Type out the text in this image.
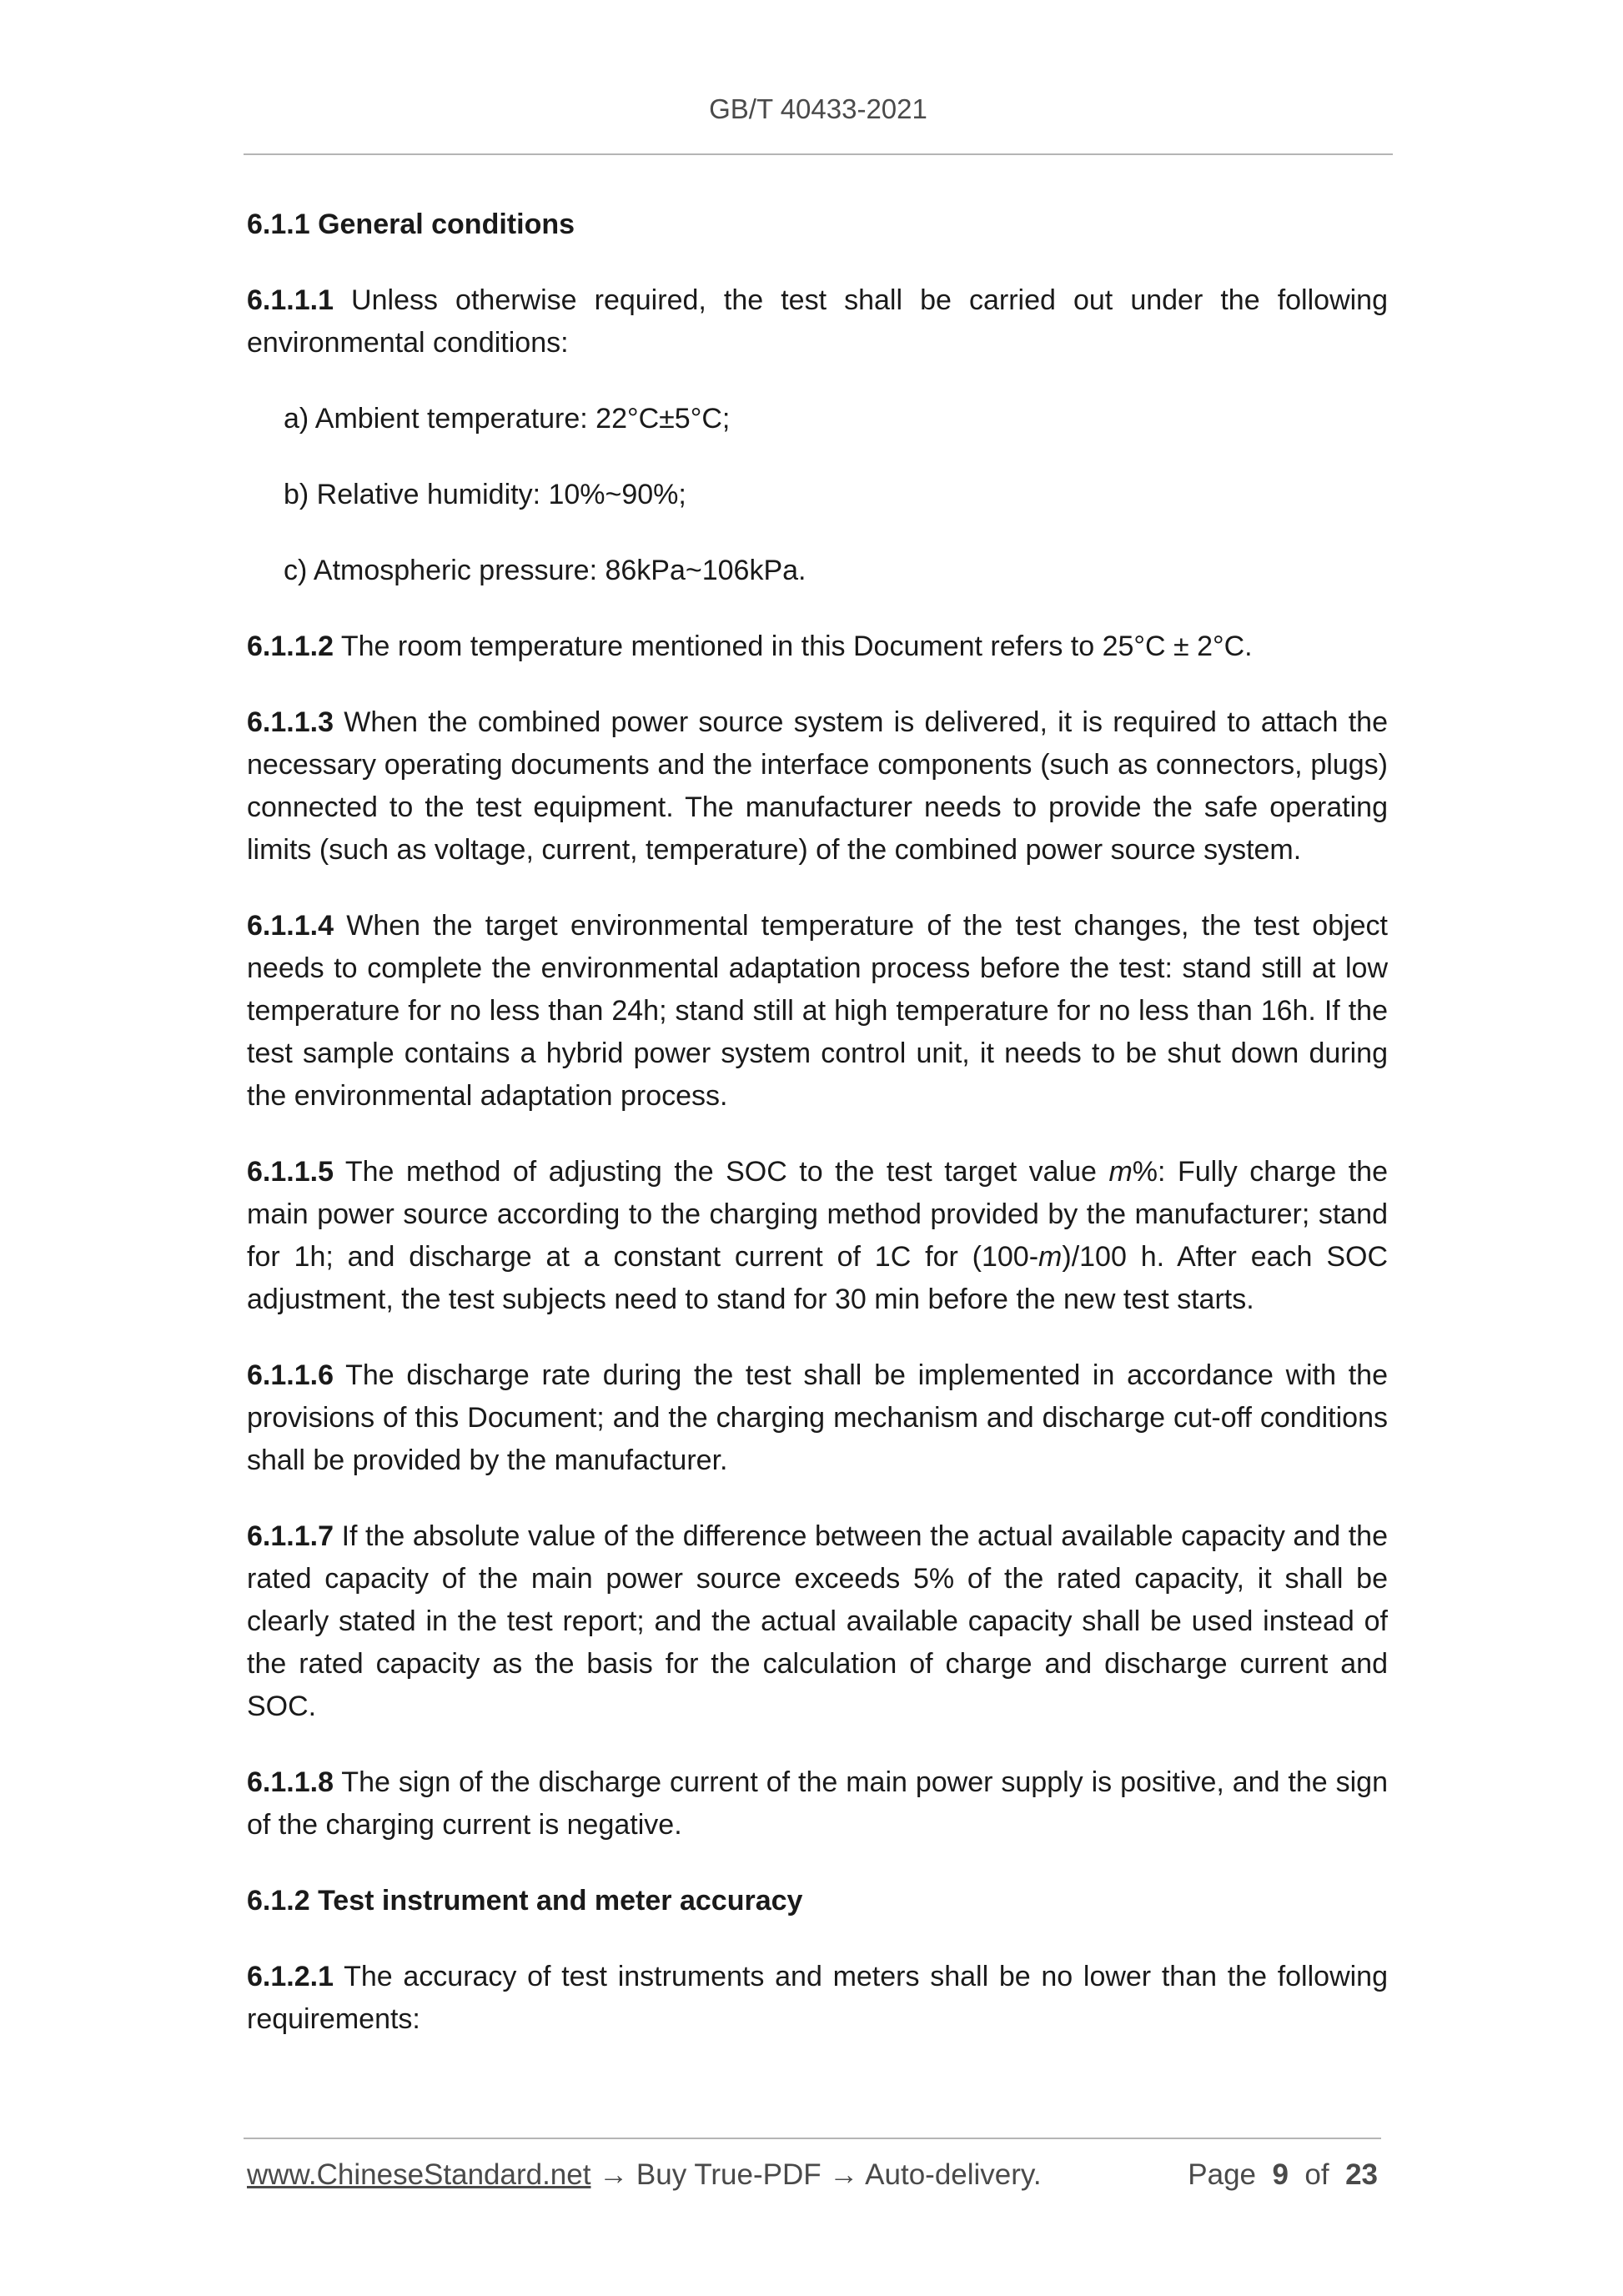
GB/T 40433-2021

6.1.1 General conditions

6.1.1.1 Unless otherwise required, the test shall be carried out under the following environmental conditions:

a) Ambient temperature: 22°C±5°C;

b) Relative humidity: 10%~90%;

c) Atmospheric pressure: 86kPa~106kPa.

6.1.1.2 The room temperature mentioned in this Document refers to 25°C ± 2°C.

6.1.1.3 When the combined power source system is delivered, it is required to attach the necessary operating documents and the interface components (such as connectors, plugs) connected to the test equipment. The manufacturer needs to provide the safe operating limits (such as voltage, current, temperature) of the combined power source system.

6.1.1.4 When the target environmental temperature of the test changes, the test object needs to complete the environmental adaptation process before the test: stand still at low temperature for no less than 24h; stand still at high temperature for no less than 16h. If the test sample contains a hybrid power system control unit, it needs to be shut down during the environmental adaptation process.

6.1.1.5 The method of adjusting the SOC to the test target value m%: Fully charge the main power source according to the charging method provided by the manufacturer; stand for 1h; and discharge at a constant current of 1C for (100-m)/100 h. After each SOC adjustment, the test subjects need to stand for 30 min before the new test starts.

6.1.1.6 The discharge rate during the test shall be implemented in accordance with the provisions of this Document; and the charging mechanism and discharge cut-off conditions shall be provided by the manufacturer.

6.1.1.7 If the absolute value of the difference between the actual available capacity and the rated capacity of the main power source exceeds 5% of the rated capacity, it shall be clearly stated in the test report; and the actual available capacity shall be used instead of the rated capacity as the basis for the calculation of charge and discharge current and SOC.

6.1.1.8 The sign of the discharge current of the main power supply is positive, and the sign of the charging current is negative.

6.1.2 Test instrument and meter accuracy

6.1.2.1 The accuracy of test instruments and meters shall be no lower than the following requirements:

www.ChineseStandard.net → Buy True-PDF → Auto-delivery.	Page 9 of 23
